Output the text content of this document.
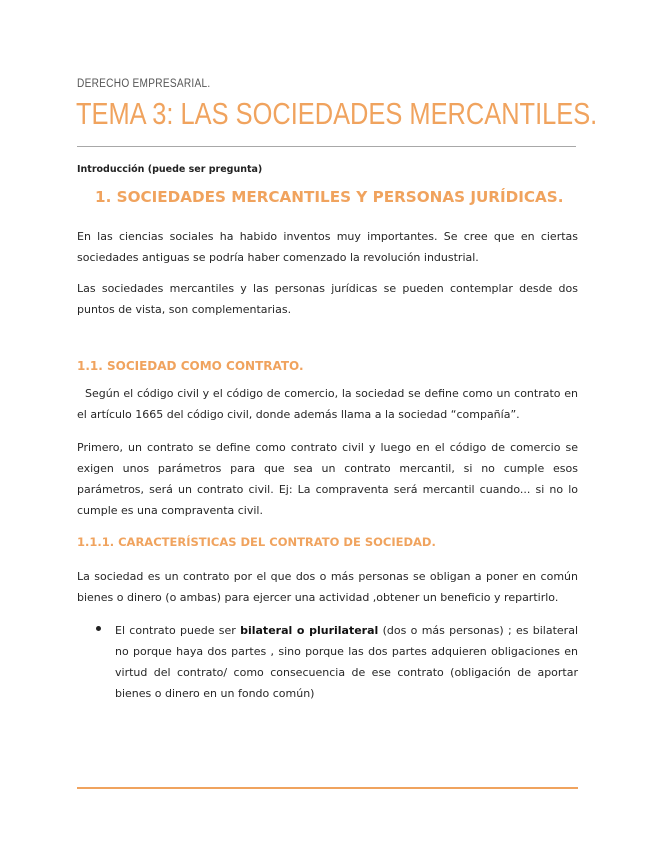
DERECHO EMPRESARIAL.
TEMA 3: LAS SOCIEDADES MERCANTILES.
Introducción (puede ser pregunta)
1. SOCIEDADES MERCANTILES Y PERSONAS JURÍDICAS.

En las ciencias sociales ha habido inventos muy importantes. Se cree que en ciertas sociedades antiguas se podría haber comenzado la revolución industrial.

Las sociedades mercantiles y las personas jurídicas se pueden contemplar desde dos puntos de vista, son complementarias.

1.1. SOCIEDAD COMO CONTRATO.

Según el código civil y el código de comercio, la sociedad se define como un contrato en el artículo 1665 del código civil, donde además llama a la sociedad “compañía”.

Primero, un contrato se define como contrato civil y luego en el código de comercio se exigen unos parámetros para que sea un contrato mercantil, si no cumple esos parámetros, será un contrato civil. Ej: La compraventa será mercantil cuando... si no lo cumple es una compraventa civil.

1.1.1. CARACTERÍSTICAS DEL CONTRATO DE SOCIEDAD.

La sociedad es un contrato por el que dos o más personas se obligan a poner en común bienes o dinero (o ambas) para ejercer una actividad ,obtener un beneficio y repartirlo.

El contrato puede ser bilateral o plurilateral (dos o más personas) ; es bilateral no porque haya dos partes , sino porque las dos partes adquieren obligaciones en virtud del contrato/ como consecuencia de ese contrato (obligación de aportar bienes o dinero en un fondo común)
